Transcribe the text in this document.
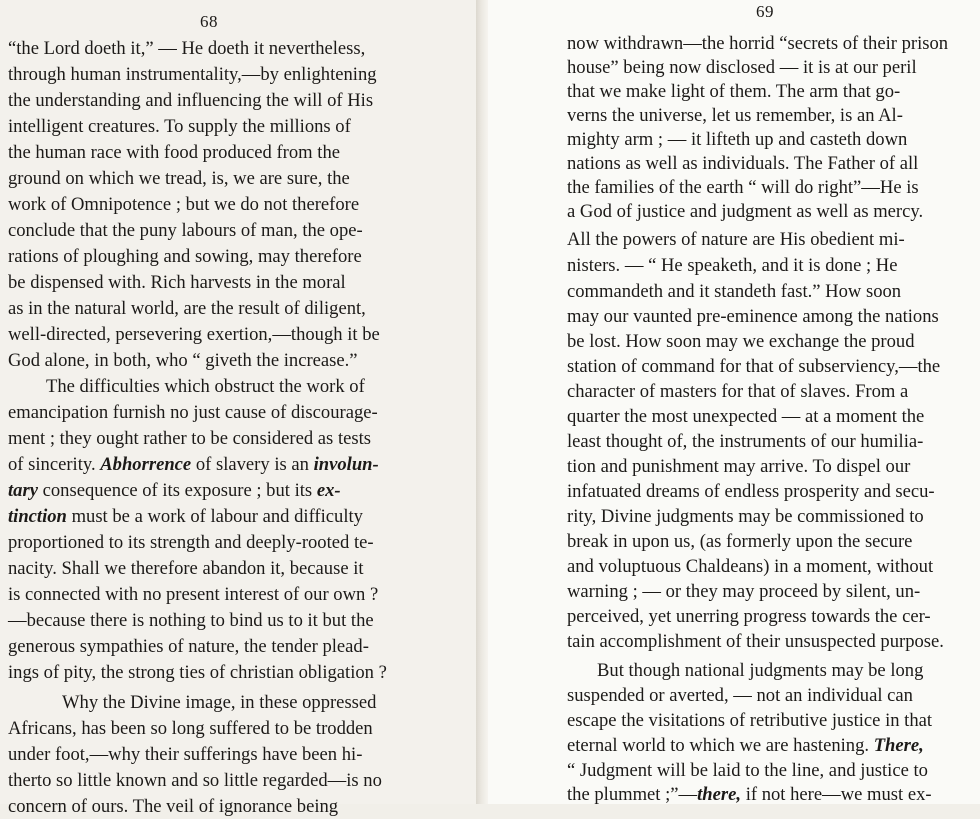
68
“the Lord doeth it,” — He doeth it nevertheless,
through human instrumentality,—by enlightening
the understanding and influencing the will of His
intelligent creatures. To supply the millions of
the human race with food produced from the
ground on which we tread, is, we are sure, the
work of Omnipotence ; but we do not therefore
conclude that the puny labours of man, the ope-
rations of ploughing and sowing, may therefore
be dispensed with. Rich harvests in the moral
as in the natural world, are the result of diligent,
well-directed, persevering exertion,—though it be
God alone, in both, who “ giveth the increase.”
The difficulties which obstruct the work of
emancipation furnish no just cause of discourage-
ment ; they ought rather to be considered as tests
of sincerity. Abhorrence of slavery is an involun-
tary consequence of its exposure ; but its ex-
tinction must be a work of labour and difficulty
proportioned to its strength and deeply-rooted te-
nacity. Shall we therefore abandon it, because it
is connected with no present interest of our own ?
—because there is nothing to bind us to it but the
generous sympathies of nature, the tender plead-
ings of pity, the strong ties of christian obligation ?
Why the Divine image, in these oppressed
Africans, has been so long suffered to be trodden
under foot,—why their sufferings have been hi-
therto so little known and so little regarded—is no
concern of ours. The veil of ignorance being
69
now withdrawn—the horrid “secrets of their prison
house” being now disclosed — it is at our peril
that we make light of them. The arm that go-
verns the universe, let us remember, is an Al-
mighty arm ; — it lifteth up and casteth down
nations as well as individuals. The Father of all
the families of the earth “ will do right”—He is
a God of justice and judgment as well as mercy.
All the powers of nature are His obedient mi-
nisters. — “ He speaketh, and it is done ; He
commandeth and it standeth fast.” How soon
may our vaunted pre-eminence among the nations
be lost. How soon may we exchange the proud
station of command for that of subserviency,—the
character of masters for that of slaves. From a
quarter the most unexpected — at a moment the
least thought of, the instruments of our humilia-
tion and punishment may arrive. To dispel our
infatuated dreams of endless prosperity and secu-
rity, Divine judgments may be commissioned to
break in upon us, (as formerly upon the secure
and voluptuous Chaldeans) in a moment, without
warning ; — or they may proceed by silent, un-
perceived, yet unerring progress towards the cer-
tain accomplishment of their unsuspected purpose.
But though national judgments may be long
suspended or averted, — not an individual can
escape the visitations of retributive justice in that
eternal world to which we are hastening. There,
“ Judgment will be laid to the line, and justice to
the plummet ;”—there, if not here—we must ex-
